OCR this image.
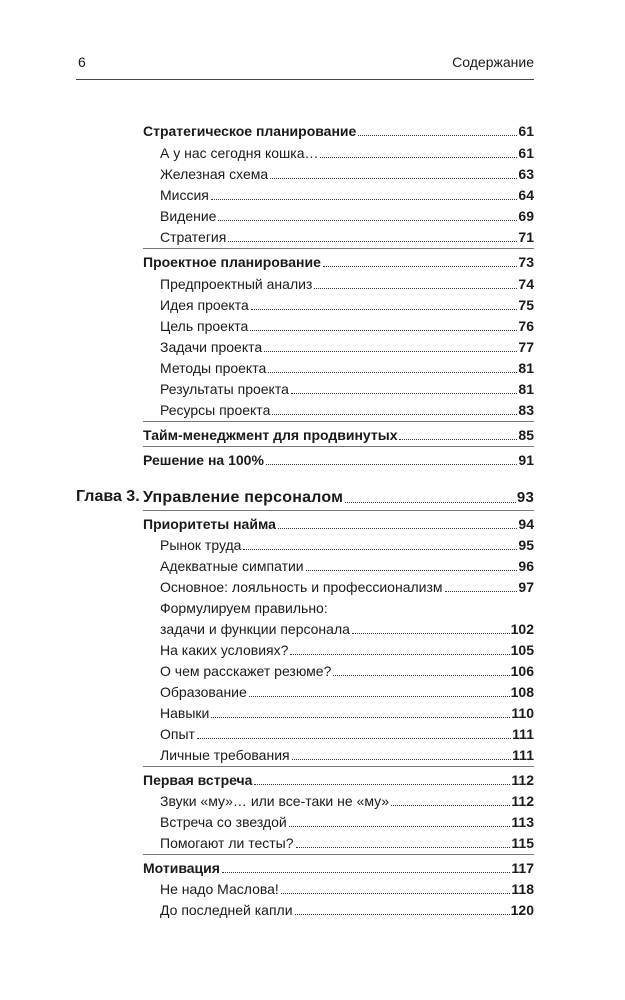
6	Содержание
Стратегическое планирование	61
А у нас сегодня кошка…	61
Железная схема	63
Миссия	64
Видение	69
Стратегия	71
Проектное планирование	73
Предпроектный анализ	74
Идея проекта	75
Цель проекта	76
Задачи проекта	77
Методы проекта	81
Результаты проекта	81
Ресурсы проекта	83
Тайм-менеджмент для продвинутых	85
Решение на 100%	91
Глава 3. Управление персоналом	93
Приоритеты найма	94
Рынок труда	95
Адекватные симпатии	96
Основное: лояльность и профессионализм	97
Формулируем правильно:
задачи и функции персонала	102
На каких условиях?	105
О чем расскажет резюме?	106
Образование	108
Навыки	110
Опыт	111
Личные требования	111
Первая встреча	112
Звуки «му»… или все-таки не «му»	112
Встреча со звездой	113
Помогают ли тесты?	115
Мотивация	117
Не надо Маслова!	118
До последней капли	120
